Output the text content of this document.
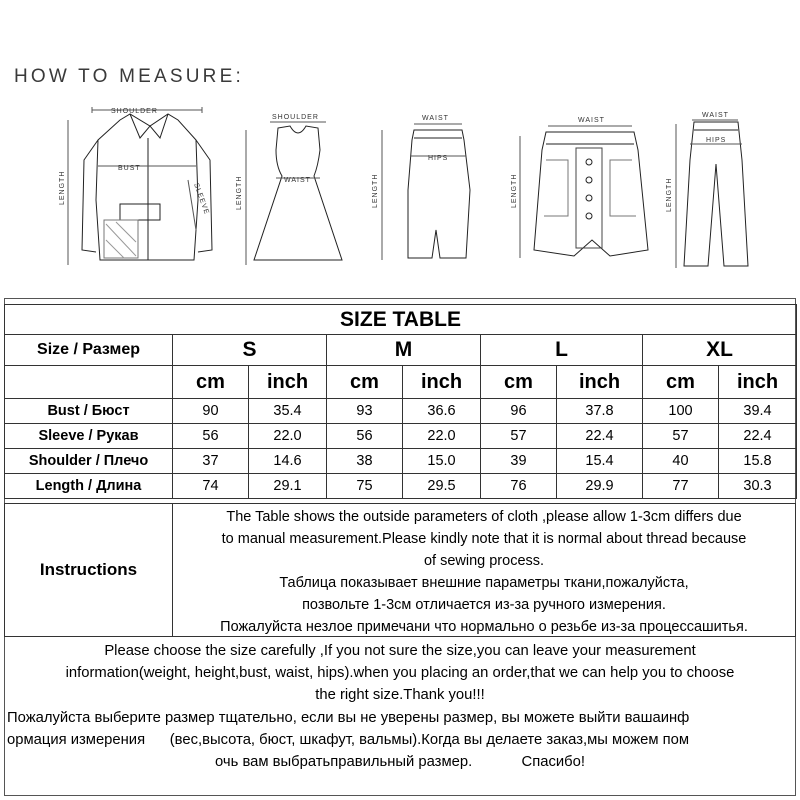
HOW TO MEASURE:
SHOULDER
LENGTH
BUST
SLEEVE
SHOULDER
LENGTH	WAIST
WAIST
LENGTH
HIPS
WAIST
LENGTH
WAIST
LENGTH
HIPS
SIZE TABLE								
Size / Размер	S		M		L		XL	
	cm	inch	cm	inch	cm	inch	cm	inch
Bust / Бюст	90	35.4	93	36.6	96	37.8	100	39.4
Sleeve / Рукав	56	22.0	56	22.0	57	22.4	57	22.4
Shoulder / Плечо	37	14.6	38	15.0	39	15.4	40	15.8
Length / Длина	74	29.1	75	29.5	76	29.9	77	30.3
Instructions
The Table shows the outside parameters of cloth ,please allow 1-3cm differs due
to manual measurement.Please kindly note that it is normal about thread because
of sewing process.
Таблица показывает внешние параметры ткани,пожалуйста,
позвольте 1-3см отличается из-за ручного измерения.
Пожалуйста незлое примечани что нормально о резьбе из-за процессашитья.
Please choose the size carefully ,If you not sure the size,you can leave your measurement
information(weight, height,bust, waist, hips).when you placing an order,that we can help you to choose
the right size.Thank you!!!
Пожалуйста выберите размер тщательно, если вы не уверены размер, вы можете выйти вашаинф
ормация измерения      (вес,высота, бюст, шкафут, вальмы).Когда вы делаете заказ,мы можем пом
очь вам выбратьправильный размер.            Спасибо!
